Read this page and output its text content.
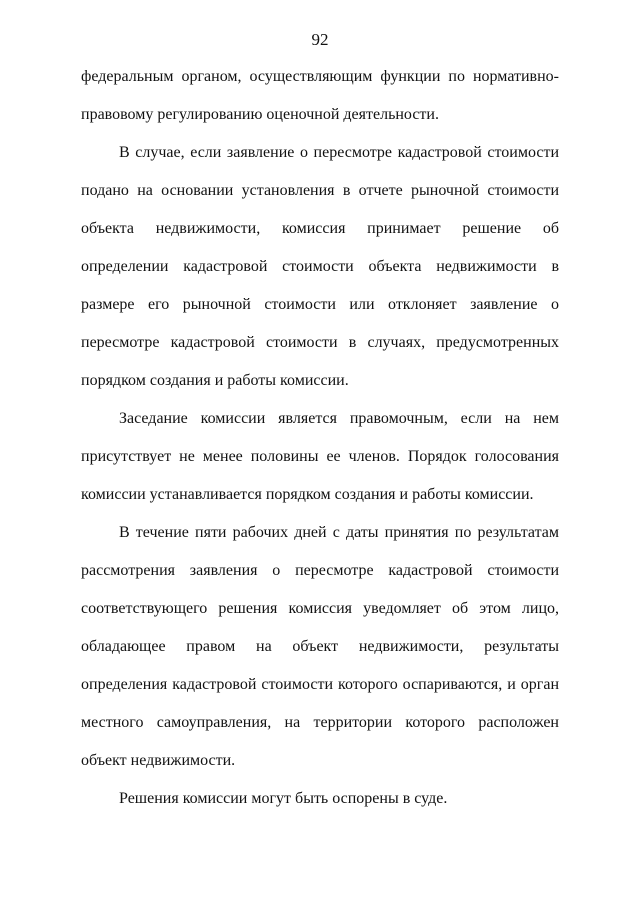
92

федеральным органом, осуществляющим функции по нормативно-правовому регулированию оценочной деятельности.

В случае, если заявление о пересмотре кадастровой стоимости подано на основании установления в отчете рыночной стоимости объекта недвижимости, комиссия принимает решение об определении кадастровой стоимости объекта недвижимости в размере его рыночной стоимости или отклоняет заявление о пересмотре кадастровой стоимости в случаях, предусмотренных порядком создания и работы комиссии.

Заседание комиссии является правомочным, если на нем присутствует не менее половины ее членов. Порядок голосования комиссии устанавливается порядком создания и работы комиссии.

В течение пяти рабочих дней с даты принятия по результатам рассмотрения заявления о пересмотре кадастровой стоимости соответствующего решения комиссия уведомляет об этом лицо, обладающее правом на объект недвижимости, результаты определения кадастровой стоимости которого оспариваются, и орган местного самоуправления, на территории которого расположен объект недвижимости.

Решения комиссии могут быть оспорены в суде.
